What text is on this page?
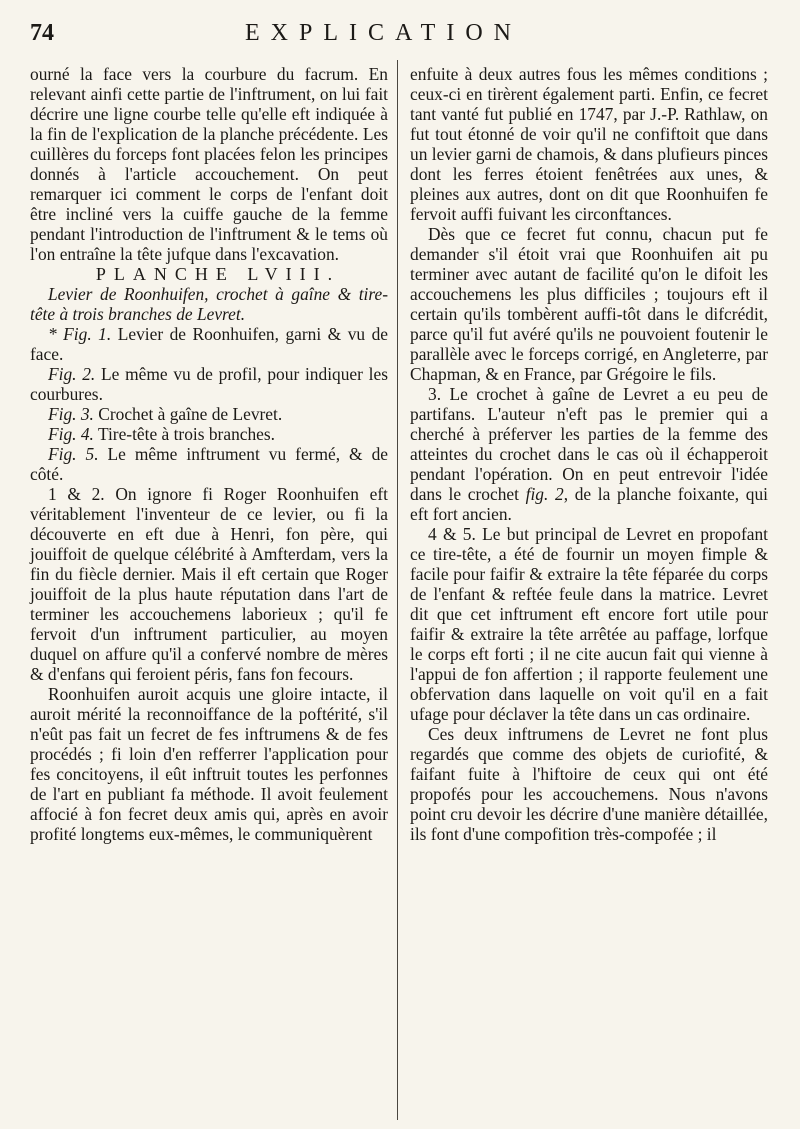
74	EXPLICATION

ourné la face vers la courbure du facrum. En relevant ainfi cette partie de l'inftrument, on lui fait décrire une ligne courbe telle qu'elle eft indiquée à la fin de l'explication de la planche précédente. Les cuillères du forceps font placées felon les principes donnés à l'article accouchement. On peut remarquer ici comment le corps de l'enfant doit être incliné vers la cuiffe gauche de la femme pendant l'introduction de l'inftrument & le tems où l'on entraîne la tête jufque dans l'excavation.

PLANCHE LVIII.

Levier de Roonhuifen, crochet à gaîne & tire-tête à trois branches de Levret.

* Fig. 1. Levier de Roonhuifen, garni & vu de face.

Fig. 2. Le même vu de profil, pour indiquer les courbures.

Fig. 3. Crochet à gaîne de Levret.

Fig. 4. Tire-tête à trois branches.

Fig. 5. Le même inftrument vu fermé, & de côté.

1 & 2. On ignore fi Roger Roonhuifen eft véritablement l'inventeur de ce levier, ou fi la découverte en eft due à Henri, fon père, qui jouiffoit de quelque célébrité à Amfterdam, vers la fin du fiècle dernier. Mais il eft certain que Roger jouiffoit de la plus haute réputation dans l'art de terminer les accouchemens laborieux ; qu'il fe fervoit d'un inftrument particulier, au moyen duquel on affure qu'il a confervé nombre de mères & d'enfans qui feroient péris, fans fon fecours.

Roonhuifen auroit acquis une gloire intacte, il auroit mérité la reconnoiffance de la poftérité, s'il n'eût pas fait un fecret de fes inftrumens & de fes procédés ; fi loin d'en refferrer l'application pour fes concitoyens, il eût inftruit toutes les perfonnes de l'art en publiant fa méthode. Il avoit feulement affocié à fon fecret deux amis qui, après en avoir profité longtems eux-mêmes, le communiquèrent

enfuite à deux autres fous les mêmes conditions ; ceux-ci en tirèrent également parti. Enfin, ce fecret tant vanté fut publié en 1747, par J.-P. Rathlaw, on fut tout étonné de voir qu'il ne confiftoit que dans un levier garni de chamois, & dans plufieurs pinces dont les ferres étoient fenêtrées aux unes, & pleines aux autres, dont on dit que Roonhuifen fe fervoit auffi fuivant les circonftances.

Dès que ce fecret fut connu, chacun put fe demander s'il étoit vrai que Roonhuifen ait pu terminer avec autant de facilité qu'on le difoit les accouchemens les plus difficiles ; toujours eft il certain qu'ils tombèrent auffi-tôt dans le difcrédit, parce qu'il fut avéré qu'ils ne pouvoient foutenir le parallèle avec le forceps corrigé, en Angleterre, par Chapman, & en France, par Grégoire le fils.

3. Le crochet à gaîne de Levret a eu peu de partifans. L'auteur n'eft pas le premier qui a cherché à préferver les parties de la femme des atteintes du crochet dans le cas où il échapperoit pendant l'opération. On en peut entrevoir l'idée dans le crochet fig. 2, de la planche foixante, qui eft fort ancien.

4 & 5. Le but principal de Levret en propofant ce tire-tête, a été de fournir un moyen fimple & facile pour faifir & extraire la tête féparée du corps de l'enfant & reftée feule dans la matrice. Levret dit que cet inftrument eft encore fort utile pour faifir & extraire la tête arrêtée au paffage, lorfque le corps eft forti ; il ne cite aucun fait qui vienne à l'appui de fon affertion ; il rapporte feulement une obfervation dans laquelle on voit qu'il en a fait ufage pour déclaver la tête dans un cas ordinaire.

Ces deux inftrumens de Levret ne font plus regardés que comme des objets de curiofité, & faifant fuite à l'hiftoire de ceux qui ont été propofés pour les accouchemens. Nous n'avons point cru devoir les décrire d'une manière détaillée, ils font d'une compofition très-compofée ; il
